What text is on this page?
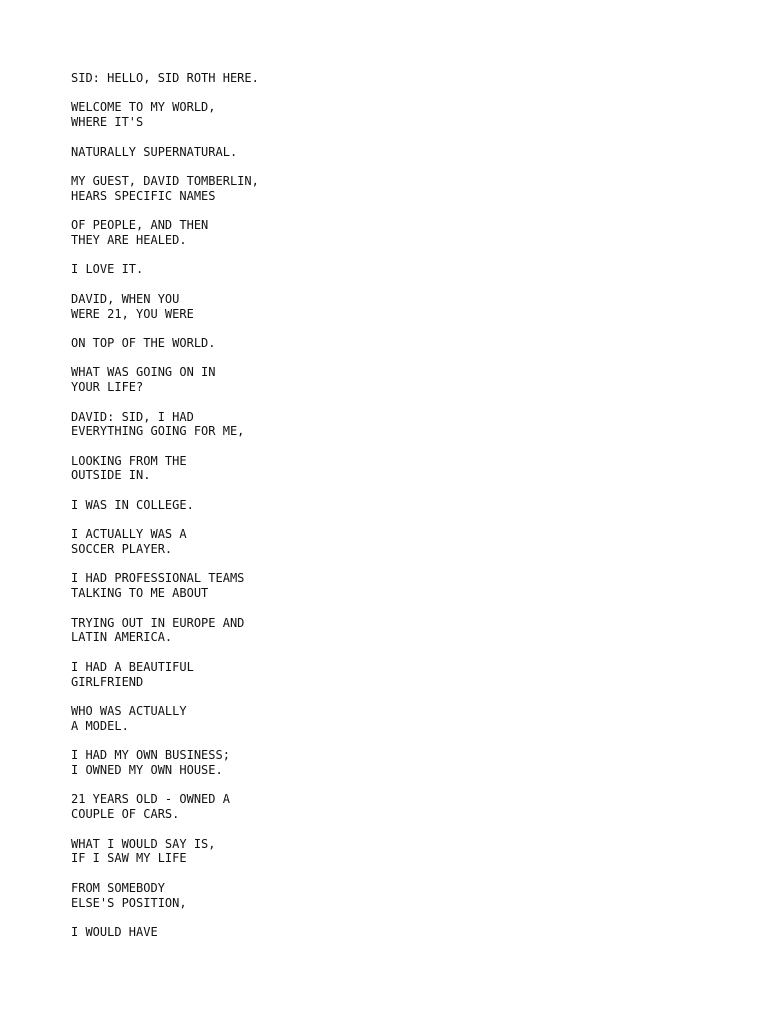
SID: HELLO, SID ROTH HERE.
WELCOME TO MY WORLD,
WHERE IT'S
NATURALLY SUPERNATURAL.
MY GUEST, DAVID TOMBERLIN,
HEARS SPECIFIC NAMES
OF PEOPLE, AND THEN
THEY ARE HEALED.
I LOVE IT.
DAVID, WHEN YOU
WERE 21, YOU WERE
ON TOP OF THE WORLD.
WHAT WAS GOING ON IN
YOUR LIFE?
DAVID: SID, I HAD
EVERYTHING GOING FOR ME,
LOOKING FROM THE
OUTSIDE IN.
I WAS IN COLLEGE.
I ACTUALLY WAS A
SOCCER PLAYER.
I HAD PROFESSIONAL TEAMS
TALKING TO ME ABOUT
TRYING OUT IN EUROPE AND
LATIN AMERICA.
I HAD A BEAUTIFUL
GIRLFRIEND
WHO WAS ACTUALLY
A MODEL.
I HAD MY OWN BUSINESS;
I OWNED MY OWN HOUSE.
21 YEARS OLD - OWNED A
COUPLE OF CARS.
WHAT I WOULD SAY IS,
IF I SAW MY LIFE
FROM SOMEBODY
ELSE'S POSITION,
I WOULD HAVE
